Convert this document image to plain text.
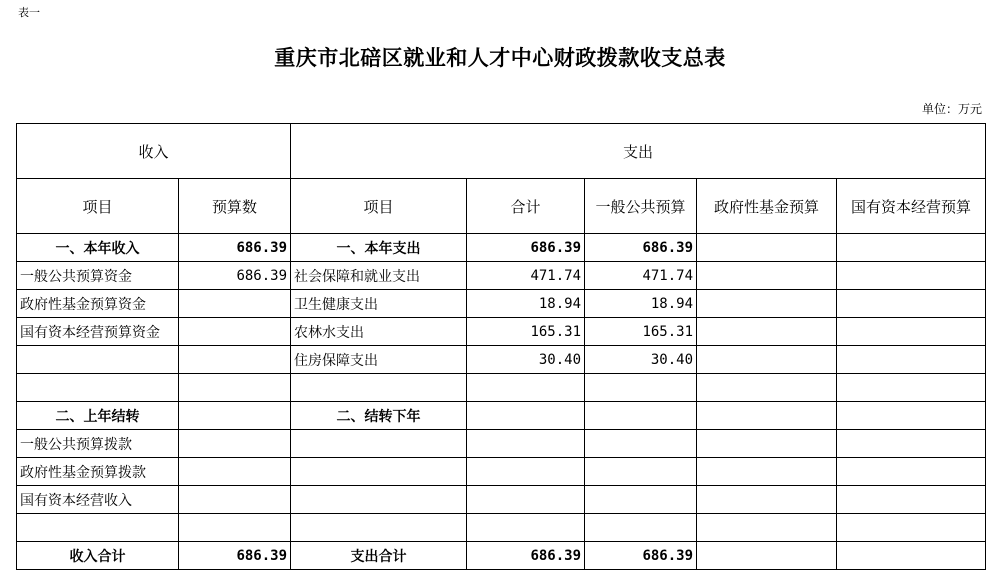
表一
重庆市北碚区就业和人才中心财政拨款收支总表
单位：万元
收入		支出				
项目	预算数	项目	合计	一般公共预算	政府性基金预算	国有资本经营预算
一、本年收入	686.39	一、本年支出	686.39	686.39		
一般公共预算资金	686.39	社会保障和就业支出	471.74	471.74		
政府性基金预算资金		卫生健康支出	18.94	18.94		
国有资本经营预算资金		农林水支出	165.31	165.31		
		住房保障支出	30.40	30.40		

二、上年结转		二、结转下年				
一般公共预算拨款						
政府性基金预算拨款						
国有资本经营收入						

收入合计	686.39	支出合计	686.39	686.39		
